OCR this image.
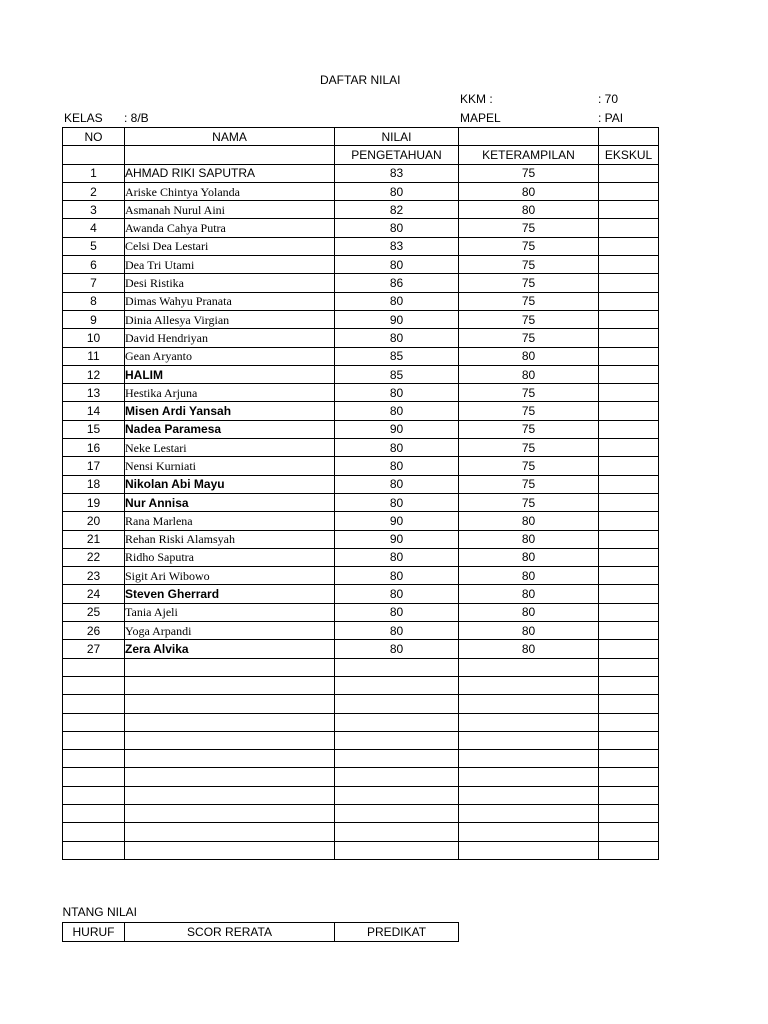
DAFTAR NILAI
KKM :	: 70
KELAS : 8/B	MAPEL	: PAI
NO	NAMA	NILAI		
		PENGETAHUAN	KETERAMPILAN	EKSKUL
1	AHMAD RIKI SAPUTRA	83	75	
2	Ariske Chintya Yolanda	80	80	
3	Asmanah Nurul Aini	82	80	
4	Awanda Cahya Putra	80	75	
5	Celsi Dea Lestari	83	75	
6	Dea Tri Utami	80	75	
7	Desi Ristika	86	75	
8	Dimas Wahyu Pranata	80	75	
9	Dinia Allesya Virgian	90	75	
10	David Hendriyan	80	75	
11	Gean Aryanto	85	80	
12	HALIM	85	80	
13	Hestika Arjuna	80	75	
14	Misen Ardi Yansah	80	75	
15	Nadea Paramesa	90	75	
16	Neke Lestari	80	75	
17	Nensi Kurniati	80	75	
18	Nikolan Abi Mayu	80	75	
19	Nur Annisa	80	75	
20	Rana Marlena	90	80	
21	Rehan Riski Alamsyah	90	80	
22	Ridho Saputra	80	80	
23	Sigit Ari Wibowo	80	80	
24	Steven Gherrard	80	80	
25	Tania Ajeli	80	80	
26	Yoga Arpandi	80	80	
27	Zera Alvika	80	80	

NTANG NILAI
HURUF	SCOR RERATA	PREDIKAT
